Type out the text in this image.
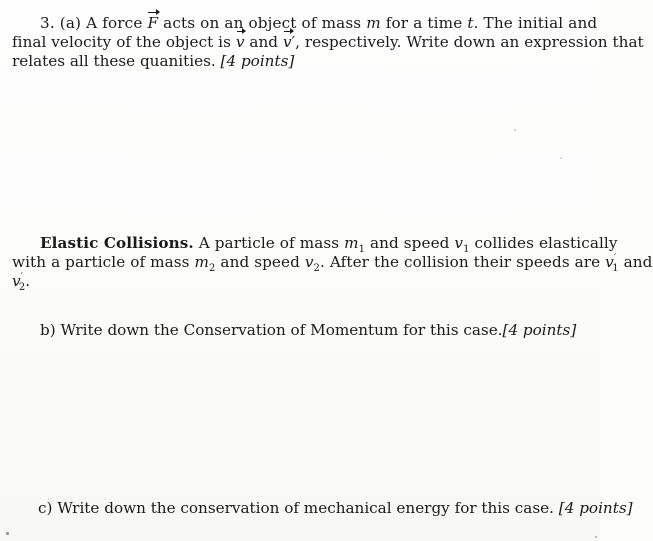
3. (a) A force F acts on an object of mass m for a time t. The initial and
final velocity of the object is v and v′, respectively. Write down an expression that
relates all these quanities. [4 points]
Elastic Collisions. A particle of mass $m_1$ and speed $v_1$ collides elastically
with a particle of mass $m_2$ and speed $v_2$. After the collision their speeds are $v'_1$ and
$v'_2$.
b) Write down the Conservation of Momentum for this case.[4 points]
c) Write down the conservation of mechanical energy for this case. [4 points]
